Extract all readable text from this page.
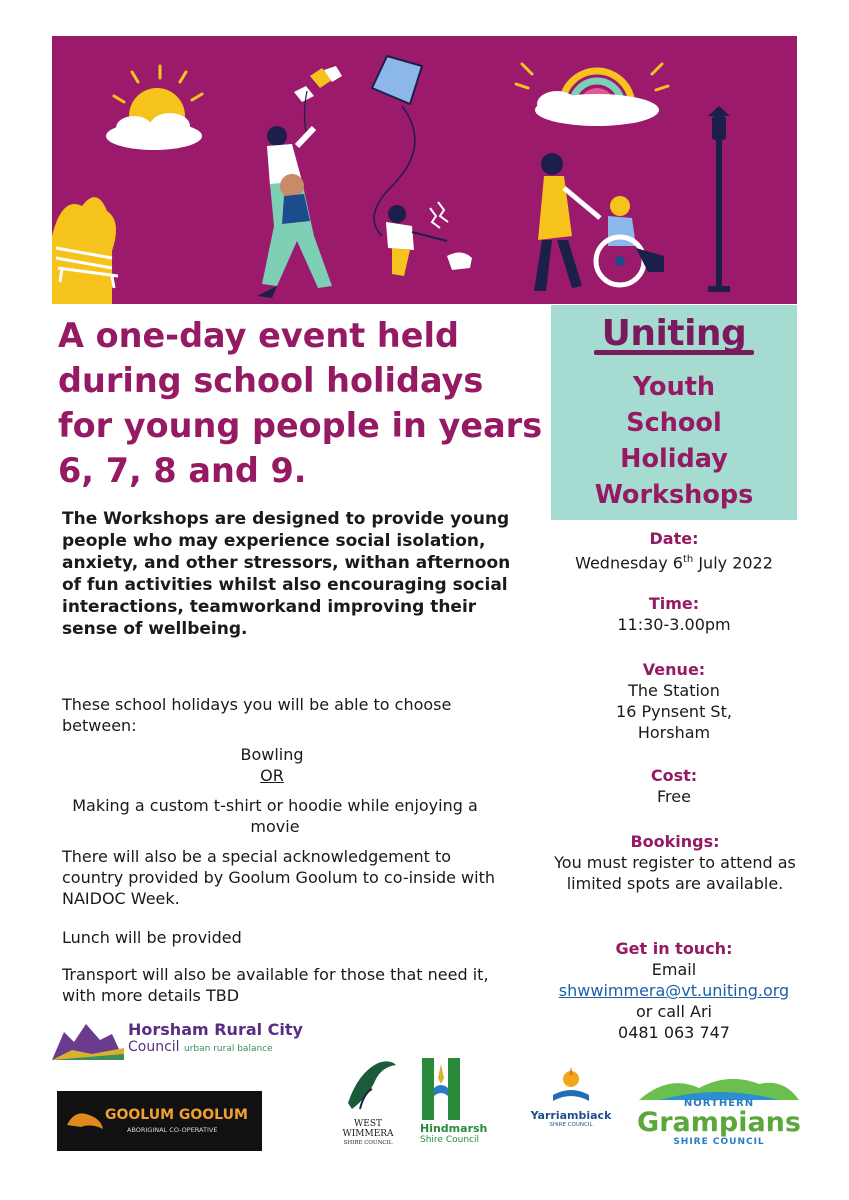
A one-day event held during school holidays for young people in years 6, 7, 8 and 9.
Uniting
Youth
School
Holiday
Workshops

The Workshops are designed to provide young people who may experience social isolation, anxiety, and other stressors, withan afternoon of fun activities whilst also encouraging social interactions, teamworkand improving their sense of wellbeing.

These school holidays you will be able to choose between:

Bowling

OR

Making a custom t-shirt or hoodie while enjoying a movie

There will also be a special acknowledgement to country provided by Goolum Goolum to co-inside with NAIDOC Week.

Lunch will be provided

Transport will also be available for those that need it, with more details TBD

Date:
Wednesday 6th July 2022
Time:
11:30-3.00pm
Venue:
The Station
16 Pynsent St,
Horsham
Cost:
Free
Bookings:
You must register to attend as limited spots are available.
Get in touch:
Email
shwwimmera@vt.uniting.org
or call Ari
0481 063 747
Horsham Rural City
Council urban rural balance
GOOLUM GOOLUM
ABORIGINAL CO-OPERATIVE
WEST
WIMMERA
SHIRE COUNCIL
Hindmarsh
Shire Council
Yarriambiack
SHIRE COUNCIL
NORTHERN
Grampians
SHIRE COUNCIL
